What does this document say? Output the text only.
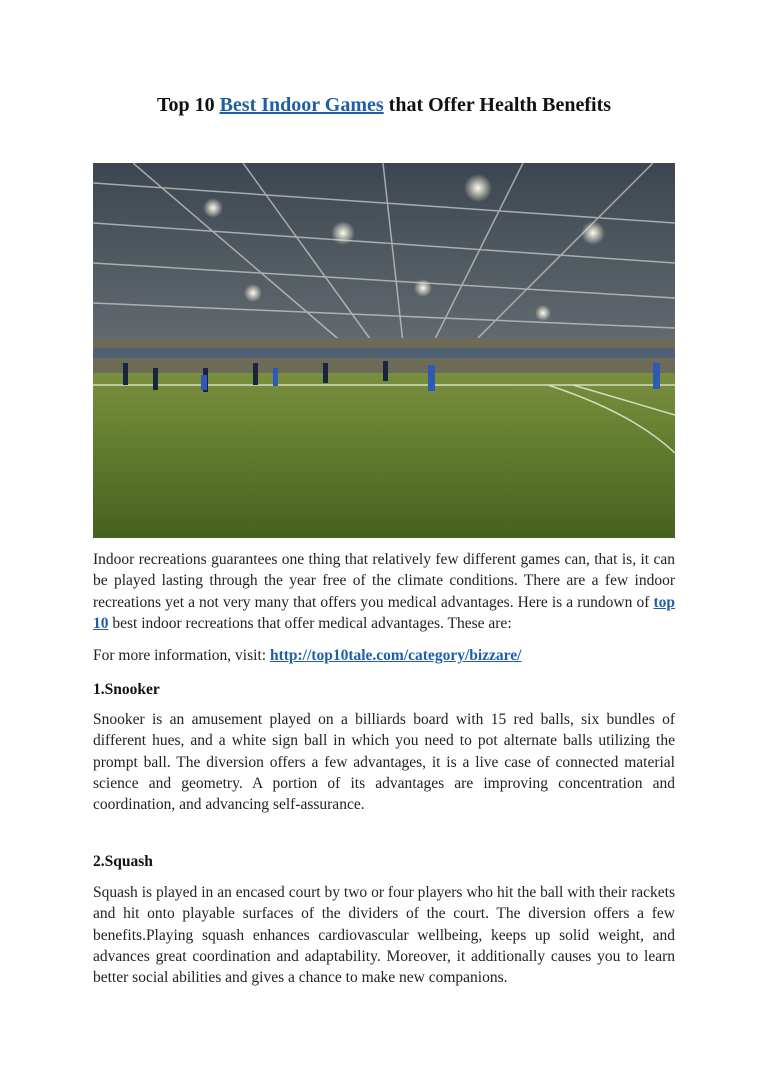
Top 10 Best Indoor Games that Offer Health Benefits
Indoor recreations guarantees one thing that relatively few different games can, that is, it can be played lasting through the year free of the climate conditions. There are a few indoor recreations yet a not very many that offers you medical advantages. Here is a rundown of top 10 best indoor recreations that offer medical advantages. These are:
For more information, visit: http://top10tale.com/category/bizzare/
1.Snooker
Snooker is an amusement played on a billiards board with 15 red balls, six bundles of different hues, and a white sign ball in which you need to pot alternate balls utilizing the prompt ball. The diversion offers a few advantages, it is a live case of connected material science and geometry. A portion of its advantages are improving concentration and coordination, and advancing self-assurance.
2.Squash
Squash is played in an encased court by two or four players who hit the ball with their rackets and hit onto playable surfaces of the dividers of the court. The diversion offers a few benefits.Playing squash enhances cardiovascular wellbeing, keeps up solid weight, and advances great coordination and adaptability. Moreover, it additionally causes you to learn better social abilities and gives a chance to make new companions.
